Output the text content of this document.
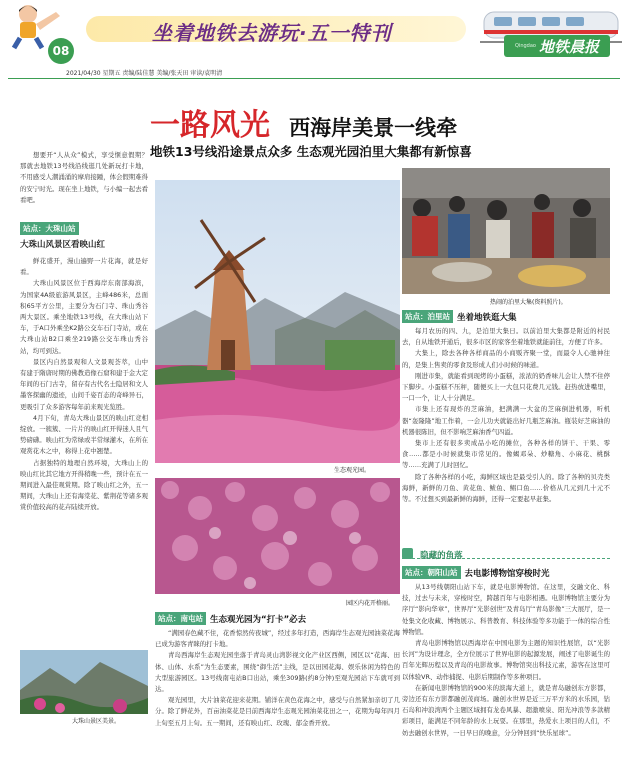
坐着地铁去游玩·五一特刊
08	Qingdao 地铁晨报
2021/04/30 星期五 责编/陆佳慧 美编/张天田 审读/袁明清
一路风光 西海岸美景一线牵
地铁13号线沿途景点众多 生态观光园泊里大集都有新惊喜

想要开“人从众”模式，享受惬意假期？那就去地铁13号线沿线逛几处新玩打卡地，不用感受人潮涌涌的摩肩接踵，体会假期难得的安宁时光。现在坐上地铁，与小编一起去看看吧。

站点：大珠山站
大珠山风景区看映山红

鲜花盛开，漫山遍野一片花海，就是好看。

大珠山风景区位于西海岸东南部海滨，为国家4A级旅游风景区，主峰486米，总面积65平方公里，主要分为石门寺、珠山秀谷两大景区。乘坐地铁13号线，在大珠山站下车，于A口外乘坐K2路公交车石门寺站，或在大珠山站B2口乘坐219路公交车珠山秀谷站，均可到达。

景区内自然景观和人文景观荟萃，山中有建于隋唐时期的佛教造像石窟和建于金大定年间的石门古寺，留存有古代名士隐居和文人墨客探幽的遗迹，山间千姿百态的奇峰异石，更吸引了众多游客每年前来观光览胜。

4月下旬，青岛大珠山景区的映山红竞相绽放。一簇簇、一片片的映山红开得迷人且气势磅礴。映山红为常绿或半常绿灌木，在所在观赏花木之中，称得上花中翘楚。

占据独特的地理自然环境，大珠山上的映山红比其它地方开得稍晚一些，预计在五一期间进入最佳观赏期。除了映山红之外，五一期间，大珠山上还有海棠花、紫荆花等诸多观赏价值较高的花卉陆续开放。

大珠山景区美景。
生态观光园。
园区内花开格丽。
站点：南屯站 生态观光园为“打卡”必去

“满园春色藏不住，花香惊然传夜城”，经过多年打造，西海岸生态观光园油菜花海已成为游客青睐的打卡地。

青岛西海岸生态观光园坐落于青岛灵山湾影视文化产业区西侧，园区以“花海、田体、山体、水系”为生态要素，围绕“御生活”主线，是以田园花海、娱乐休闲为特色的大型旅游园区。13号线南屯站B口出站，乘坐309路(约8分钟)至观光园站下车就可到达。

观光园里，大片油菜花迎来花期。铺洋在黄色花海之中，感受与自然紧加亲切了几分。除了鲜花外，百亩油菜花是目前西海岸生态观光园油菜花田之一，花期为每年四月上旬至五月上旬。五一期间，还有映山红、玫瑰、郁金香开放。

热闹的泊里大集(资料照片)。
站点：泊里站 坐着地铁逛大集

每月农历的四、九，是泊里大集日。以前泊里大集都是附近的村民去，自从地铁开通后，很多市区的家客坐着地铁就能前往，方便了许多。

大集上，除去各种各样商品的小商贩齐聚一堂，而最令人心驰神往的，是集上售卖的零食及形成人们小时候的味道。

刚进市集，就能看到现烤的小蛋糕，浓浓的奶香味儿会让人禁不住停下脚步。小蛋糕不压秤，随便买上一大包只花费几元钱。赶热放进嘴里，一口一个，让人十分满足。

市集上还有现炸的芝麻油，把满满一大盆的芝麻倒进机器，听机器“轰隆隆”地工作着，一会儿功夫就能出好几瓶芝麻油。瓶装好芝麻油的机器很陈旧，但不影响芝麻油香气四溢。

集市上还有很多卖成品小吃的摊位，各种各样的饼干、干果、零食……都是小时候就集市常见的。像蝎邓朵、炒糖角、小麻花、桃酥等……充满了儿时回忆。

除了各种各样的小吃，海鲜区域也是最受引人的。除了各种的贝壳类海鲜，新鲜的刀鱼、黄花鱼、鲅鱼、鲳口鱼……价格从几元到几十元不等。不过想买到最新鲜的海鲜，还得一定要起早赶集。

隐藏的角落
站点：朝阳山站 去电影博物馆穿梭时光

从13号线朝阳山站下车，就是电影博物馆。在这里，交融文化、科技，过去与未来，穿梭时空，跨越百年与电影相遇。电影博物馆主要分为序厅“影向华章”，世界厅“光影创世”及青岛厅“青岛影像”三大展厅，是一处集文化收藏、博物展示、科普教育、科技体验等多功能于一体的综合性博物馆。

青岛电影博物馆以西海岸在中国电影为主题的知识性展馆，以“光影长河”为设计理念，全方位展示了世界电影的起源发展，阐述了电影诞生的百年光辉历程以及青岛的电影故事。博物馆突出科技元素，游客在这里可以体验VR、动作捕捉、电影后期制作等多种项目。

在新闻电影博物馆的900米的滨海大道上，就是青岛融创东方影都，旁边还有东方影都融创茂商场。融创水世界是近三万平方米的水乐园，钻石岛和冲浪湾两个主题区域拥有龙卷风暴、超激喷泉、阳光冲浪等多款精彩项目，能满足不同年龄的水上玩耍。在那里，热爱水上项目的人们，不妨去融创水世界，一日早日的晚意，分分钟回到“快乐星球”。
